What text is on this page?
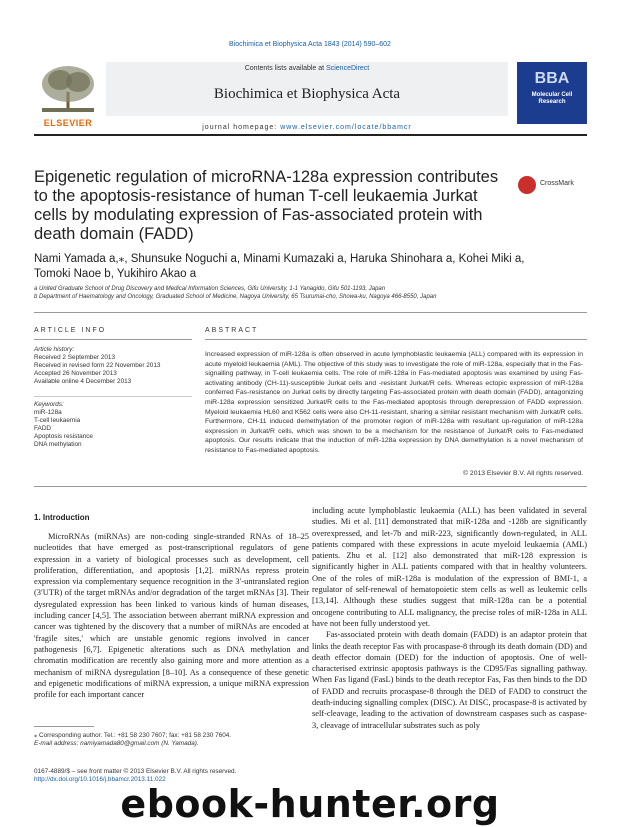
Biochimica et Biophysica Acta 1843 (2014) 590–602
ELSEVIER
Contents lists available at ScienceDirect
Biochimica et Biophysica Acta
journal homepage: www.elsevier.com/locate/bbamcr
BBA
Molecular Cell Research
Epigenetic regulation of microRNA-128a expression contributes to the apoptosis-resistance of human T-cell leukaemia Jurkat cells by modulating expression of Fas-associated protein with death domain (FADD)
CrossMark
Nami Yamada a,⁎, Shunsuke Noguchi a, Minami Kumazaki a, Haruka Shinohara a, Kohei Miki a,
Tomoki Naoe b, Yukihiro Akao a
a United Graduate School of Drug Discovery and Medical Information Sciences, Gifu University, 1-1 Yanagido, Gifu 501-1193, Japan
b Department of Haematology and Oncology, Graduated School of Medicine, Nagoya University, 65 Tsurumai-cho, Showa-ku, Nagoya 466-8550, Japan
ARTICLE INFO
Article history:
Received 2 September 2013
Received in revised form 22 November 2013
Accepted 26 November 2013
Available online 4 December 2013
Keywords:
miR-128a
T-cell leukaemia
FADD
Apoptosis resistance
DNA methylation
ABSTRACT
Increased expression of miR-128a is often observed in acute lymphoblastic leukaemia (ALL) compared with its expression in acute myeloid leukaemia (AML). The objective of this study was to investigate the role of miR-128a, especially that in the Fas-signalling pathway, in T-cell leukaemia cells. The role of miR-128a in Fas-mediated apoptosis was examined by using Fas-activating antibody (CH-11)-susceptible Jurkat cells and -resistant Jurkat/R cells. Whereas ectopic expression of miR-128a conferred Fas-resistance on Jurkat cells by directly targeting Fas-associated protein with death domain (FADD), antagonizing miR-128a expression sensitized Jurkat/R cells to the Fas-mediated apoptosis through derepression of FADD expression. Myeloid leukaemia HL60 and K562 cells were also CH-11-resistant, sharing a similar resistant mechanism with Jurkat/R cells. Furthermore, CH-11 induced demethylation of the promoter region of miR-128a with resultant up-regulation of miR-128a expression in Jurkat/R cells, which was shown to be a mechanism for the resistance of Jurkat/R cells to Fas-mediated apoptosis. Our results indicate that the induction of miR-128a expression by DNA demethylation is a novel mechanism of resistance to Fas-mediated apoptosis.
© 2013 Elsevier B.V. All rights reserved.
1. Introduction

MicroRNAs (miRNAs) are non-coding single-stranded RNAs of 18–25 nucleotides that have emerged as post-transcriptional regulators of gene expression in a variety of biological processes such as development, cell proliferation, differentiation, and apoptosis [1,2]. miRNAs repress protein expression via complementary sequence recognition in the 3′-untranslated region (3′UTR) of the target mRNAs and/or degradation of the target mRNAs [3]. Their dysregulated expression has been linked to various kinds of human diseases, including cancer [4,5]. The association between aberrant miRNA expression and cancer was tightened by the discovery that a number of miRNAs are encoded at 'fragile sites,' which are unstable genomic regions involved in cancer pathogenesis [6,7]. Epigenetic alterations such as DNA methylation and chromatin modification are recently also gaining more and more attention as a mechanism of miRNA dysregulation [8–10]. As a consequence of these genetic and epigenetic modifications of miRNA expression, a unique miRNA expression profile for each important cancer

including acute lymphoblastic leukaemia (ALL) has been validated in several studies. Mi et al. [11] demonstrated that miR-128a and -128b are significantly overexpressed, and let-7b and miR-223, significantly down-regulated, in ALL patients compared with these expressions in acute myeloid leukaemia (AML) patients. Zhu et al. [12] also demonstrated that miR-128 expression is significantly higher in ALL patients compared with that in healthy volunteers. One of the roles of miR-128a is modulation of the expression of BMI-1, a regulator of self-renewal of hematopoietic stem cells as well as leukemic cells [13,14]. Although these studies suggest that miR-128a can be a potential oncogene contributing to ALL malignancy, the precise roles of miR-128a in ALL have not been fully understood yet.

Fas-associated protein with death domain (FADD) is an adaptor protein that links the death receptor Fas with procaspase-8 through its death domain (DD) and death effector domain (DED) for the induction of apoptosis. One of well-characterised extrinsic apoptosis pathways is the CD95/Fas signalling pathway. When Fas ligand (FasL) binds to the death receptor Fas, Fas then binds to the DD of FADD and recruits procaspase-8 through the DED of FADD to construct the death-inducing signalling complex (DISC). At DISC, procaspase-8 is activated by self-cleavage, leading to the activation of downstream caspases such as caspase-3, cleavage of intracellular substrates such as poly

⁎ Corresponding author. Tel.: +81 58 230 7607; fax: +81 58 230 7604.
E-mail address: namiyamada80@gmail.com (N. Yamada).
0167-4889/$ – see front matter © 2013 Elsevier B.V. All rights reserved.
http://dx.doi.org/10.1016/j.bbamcr.2013.11.022
ebook-hunter.org
